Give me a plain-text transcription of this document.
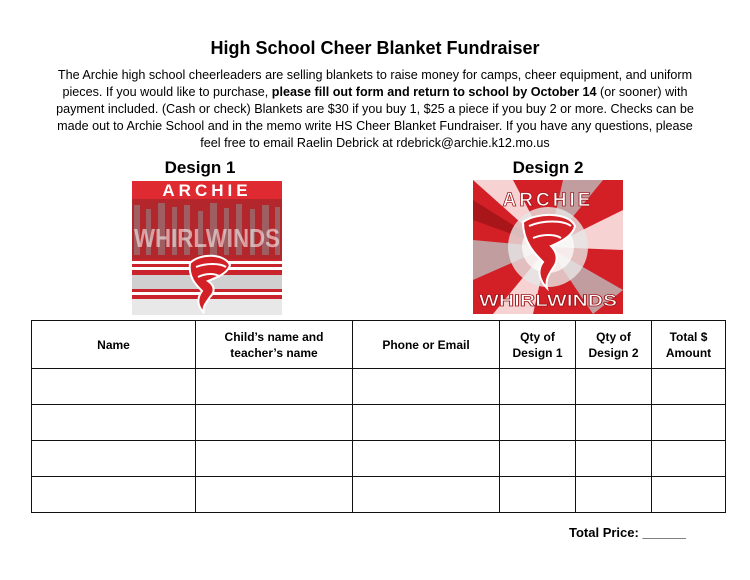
High School Cheer Blanket Fundraiser
The Archie high school cheerleaders are selling blankets to raise money for camps, cheer equipment, and uniform pieces. If you would like to purchase, please fill out form and return to school by October 14 (or sooner) with payment included. (Cash or check) Blankets are $30 if you buy 1, $25 a piece if you buy 2 or more. Checks can be made out to Archie School and in the memo write HS Cheer Blanket Fundraiser. If you have any questions, please feel free to email Raelin Debrick at rdebrick@archie.k12.mo.us
Design 1
ARCHIE
WHIRLWINDS
Design 2
ARCHIE
WHIRLWINDS
Name	Child’s name and teacher’s name	Phone or Email	Qty of Design 1	Qty of Design 2	Total $ Amount

Total Price: ______
